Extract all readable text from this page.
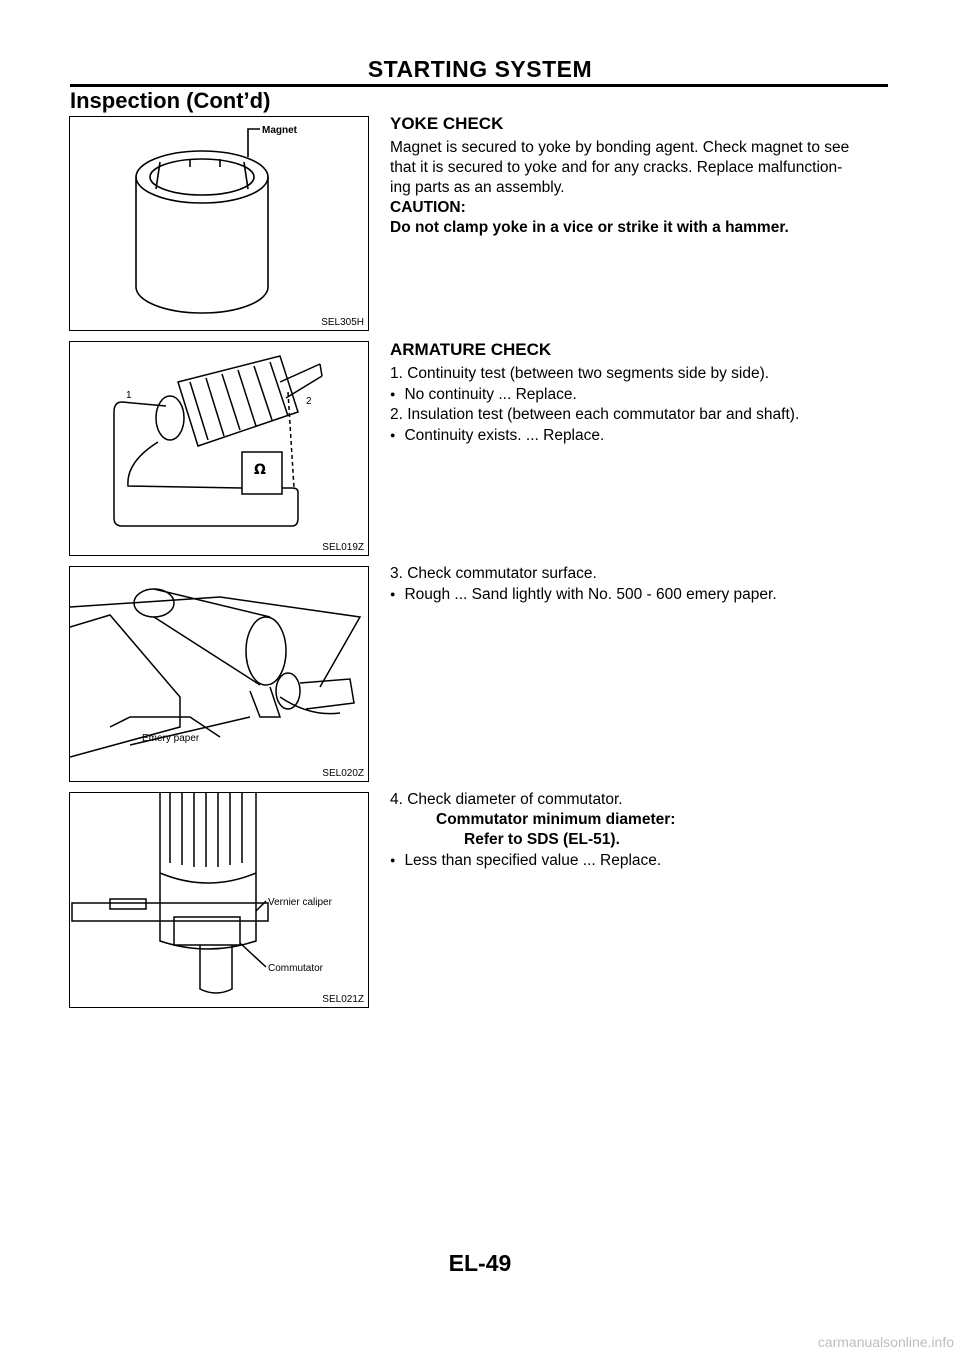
STARTING SYSTEM
Inspection (Cont’d)
Magnet
SEL305H
YOKE CHECK
Magnet is secured to yoke by bonding agent. Check magnet to see
that it is secured to yoke and for any cracks. Replace malfunction-
ing parts as an assembly.
CAUTION:
Do not clamp yoke in a vice or strike it with a hammer.
1
2
Ω
SEL019Z
ARMATURE CHECK
1. Continuity test (between two segments side by side).
● No continuity ... Replace.
2. Insulation test (between each commutator bar and shaft).
● Continuity exists. ... Replace.
Emery paper
SEL020Z
3. Check commutator surface.
● Rough ... Sand lightly with No. 500 - 600 emery paper.
Vernier caliper
Commutator
SEL021Z
4. Check diameter of commutator.
Commutator minimum diameter:
Refer to SDS (EL-51).
● Less than specified value ... Replace.
EL-49
carmanualsonline.info
